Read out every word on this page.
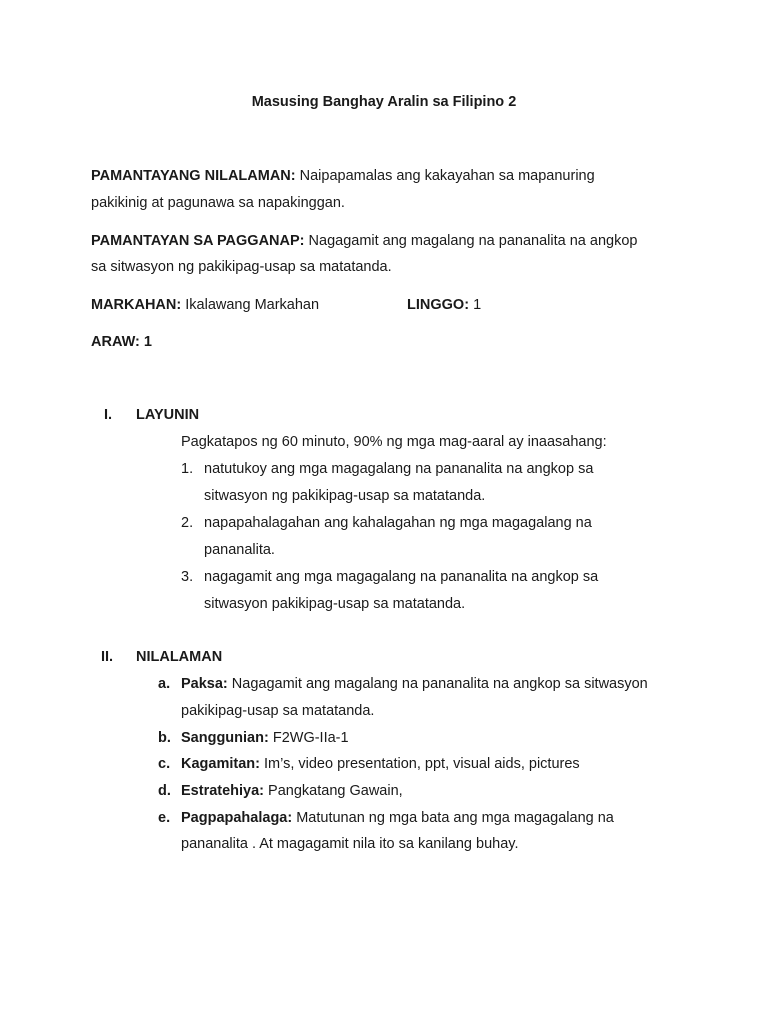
Masusing Banghay Aralin sa Filipino 2
PAMANTAYANG NILALAMAN: Naipapamalas ang kakayahan sa mapanuring
pakikinig at pagunawa sa napakinggan.
PAMANTAYAN SA PAGGANAP: Nagagamit ang magalang na pananalita na angkop
sa sitwasyon ng pakikipag-usap sa matatanda.
MARKAHAN: Ikalawang Markahan	LINGGO: 1
ARAW: 1
I. LAYUNIN
Pagkatapos ng 60 minuto, 90% ng mga mag-aaral ay inaasahang:
1. natutukoy ang mga magagalang na pananalita na angkop sa
sitwasyon ng pakikipag-usap sa matatanda.
2. napapahalagahan ang kahalagahan ng mga magagalang na
pananalita.
3. nagagamit ang mga magagalang na pananalita na angkop sa
sitwasyon pakikipag-usap sa matatanda.
II. NILALAMAN
a. Paksa: Nagagamit ang magalang na pananalita na angkop sa sitwasyon
pakikipag-usap sa matatanda.
b. Sanggunian: F2WG-IIa-1
c. Kagamitan: Im’s, video presentation, ppt, visual aids, pictures
d. Estratehiya: Pangkatang Gawain,
e. Pagpapahalaga: Matutunan ng mga bata ang mga magagalang na
pananalita . At magagamit nila ito sa kanilang buhay.
